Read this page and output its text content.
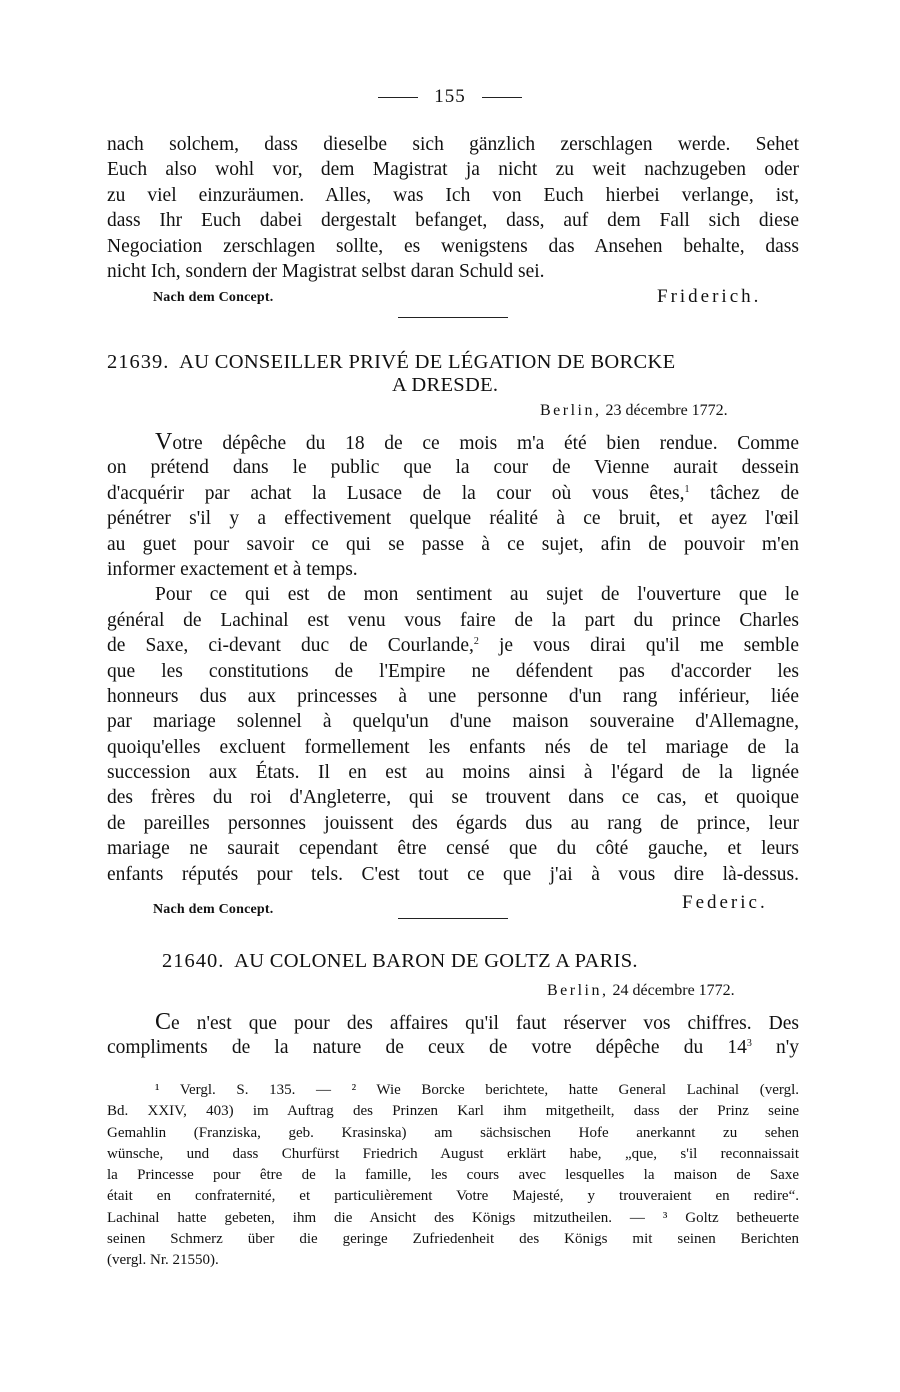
155
nach solchem, dass dieselbe sich gänzlich zerschlagen werde. Sehet
Euch also wohl vor, dem Magistrat ja nicht zu weit nachzugeben oder
zu viel einzuräumen. Alles, was Ich von Euch hierbei verlange, ist,
dass Ihr Euch dabei dergestalt befanget, dass, auf dem Fall sich diese
Negociation zerschlagen sollte, es wenigstens das Ansehen behalte, dass
nicht Ich, sondern der Magistrat selbst daran Schuld sei.
Nach dem Concept.	Friderich.
21639. AU CONSEILLER PRIVÉ DE LÉGATION DE BORCKE
A DRESDE.
Berlin, 23 décembre 1772.
Votre dépêche du 18 de ce mois m'a été bien rendue. Comme
on prétend dans le public que la cour de Vienne aurait dessein
d'acquérir par achat la Lusace de la cour où vous êtes,$^1$ tâchez de
pénétrer s'il y a effectivement quelque réalité à ce bruit, et ayez l'œil
au guet pour savoir ce qui se passe à ce sujet, afin de pouvoir m'en
informer exactement et à temps.
Pour ce qui est de mon sentiment au sujet de l'ouverture que le
général de Lachinal est venu vous faire de la part du prince Charles
de Saxe, ci-devant duc de Courlande,$^2$ je vous dirai qu'il me semble
que les constitutions de l'Empire ne défendent pas d'accorder les
honneurs dus aux princesses à une personne d'un rang inférieur, liée
par mariage solennel à quelqu'un d'une maison souveraine d'Allemagne,
quoiqu'elles excluent formellement les enfants nés de tel mariage de la
succession aux États. Il en est au moins ainsi à l'égard de la lignée
des frères du roi d'Angleterre, qui se trouvent dans ce cas, et quoique
de pareilles personnes jouissent des égards dus au rang de prince, leur
mariage ne saurait cependant être censé que du côté gauche, et leurs
enfants réputés pour tels. C'est tout ce que j'ai à vous dire là-dessus.
Nach dem Concept.	Federic.
21640. AU COLONEL BARON DE GOLTZ A PARIS.
Berlin, 24 décembre 1772.
Ce n'est que pour des affaires qu'il faut réserver vos chiffres. Des
compliments de la nature de ceux de votre dépêche du $14^3$ n'y
¹ Vergl. S. 135. — ² Wie Borcke berichtete, hatte General Lachinal (vergl.
Bd. XXIV, 403) im Auftrag des Prinzen Karl ihm mitgetheilt, dass der Prinz seine
Gemahlin (Franziska, geb. Krasinska) am sächsischen Hofe anerkannt zu sehen
wünsche, und dass Churfürst Friedrich August erklärt habe, „que, s'il reconnaissait
la Princesse pour être de la famille, les cours avec lesquelles la maison de Saxe
était en confraternité, et particulièrement Votre Majesté, y trouveraient en redire“.
Lachinal hatte gebeten, ihm die Ansicht des Königs mitzutheilen. — ³ Goltz betheuerte
seinen Schmerz über die geringe Zufriedenheit des Königs mit seinen Berichten
(vergl. Nr. 21550).
